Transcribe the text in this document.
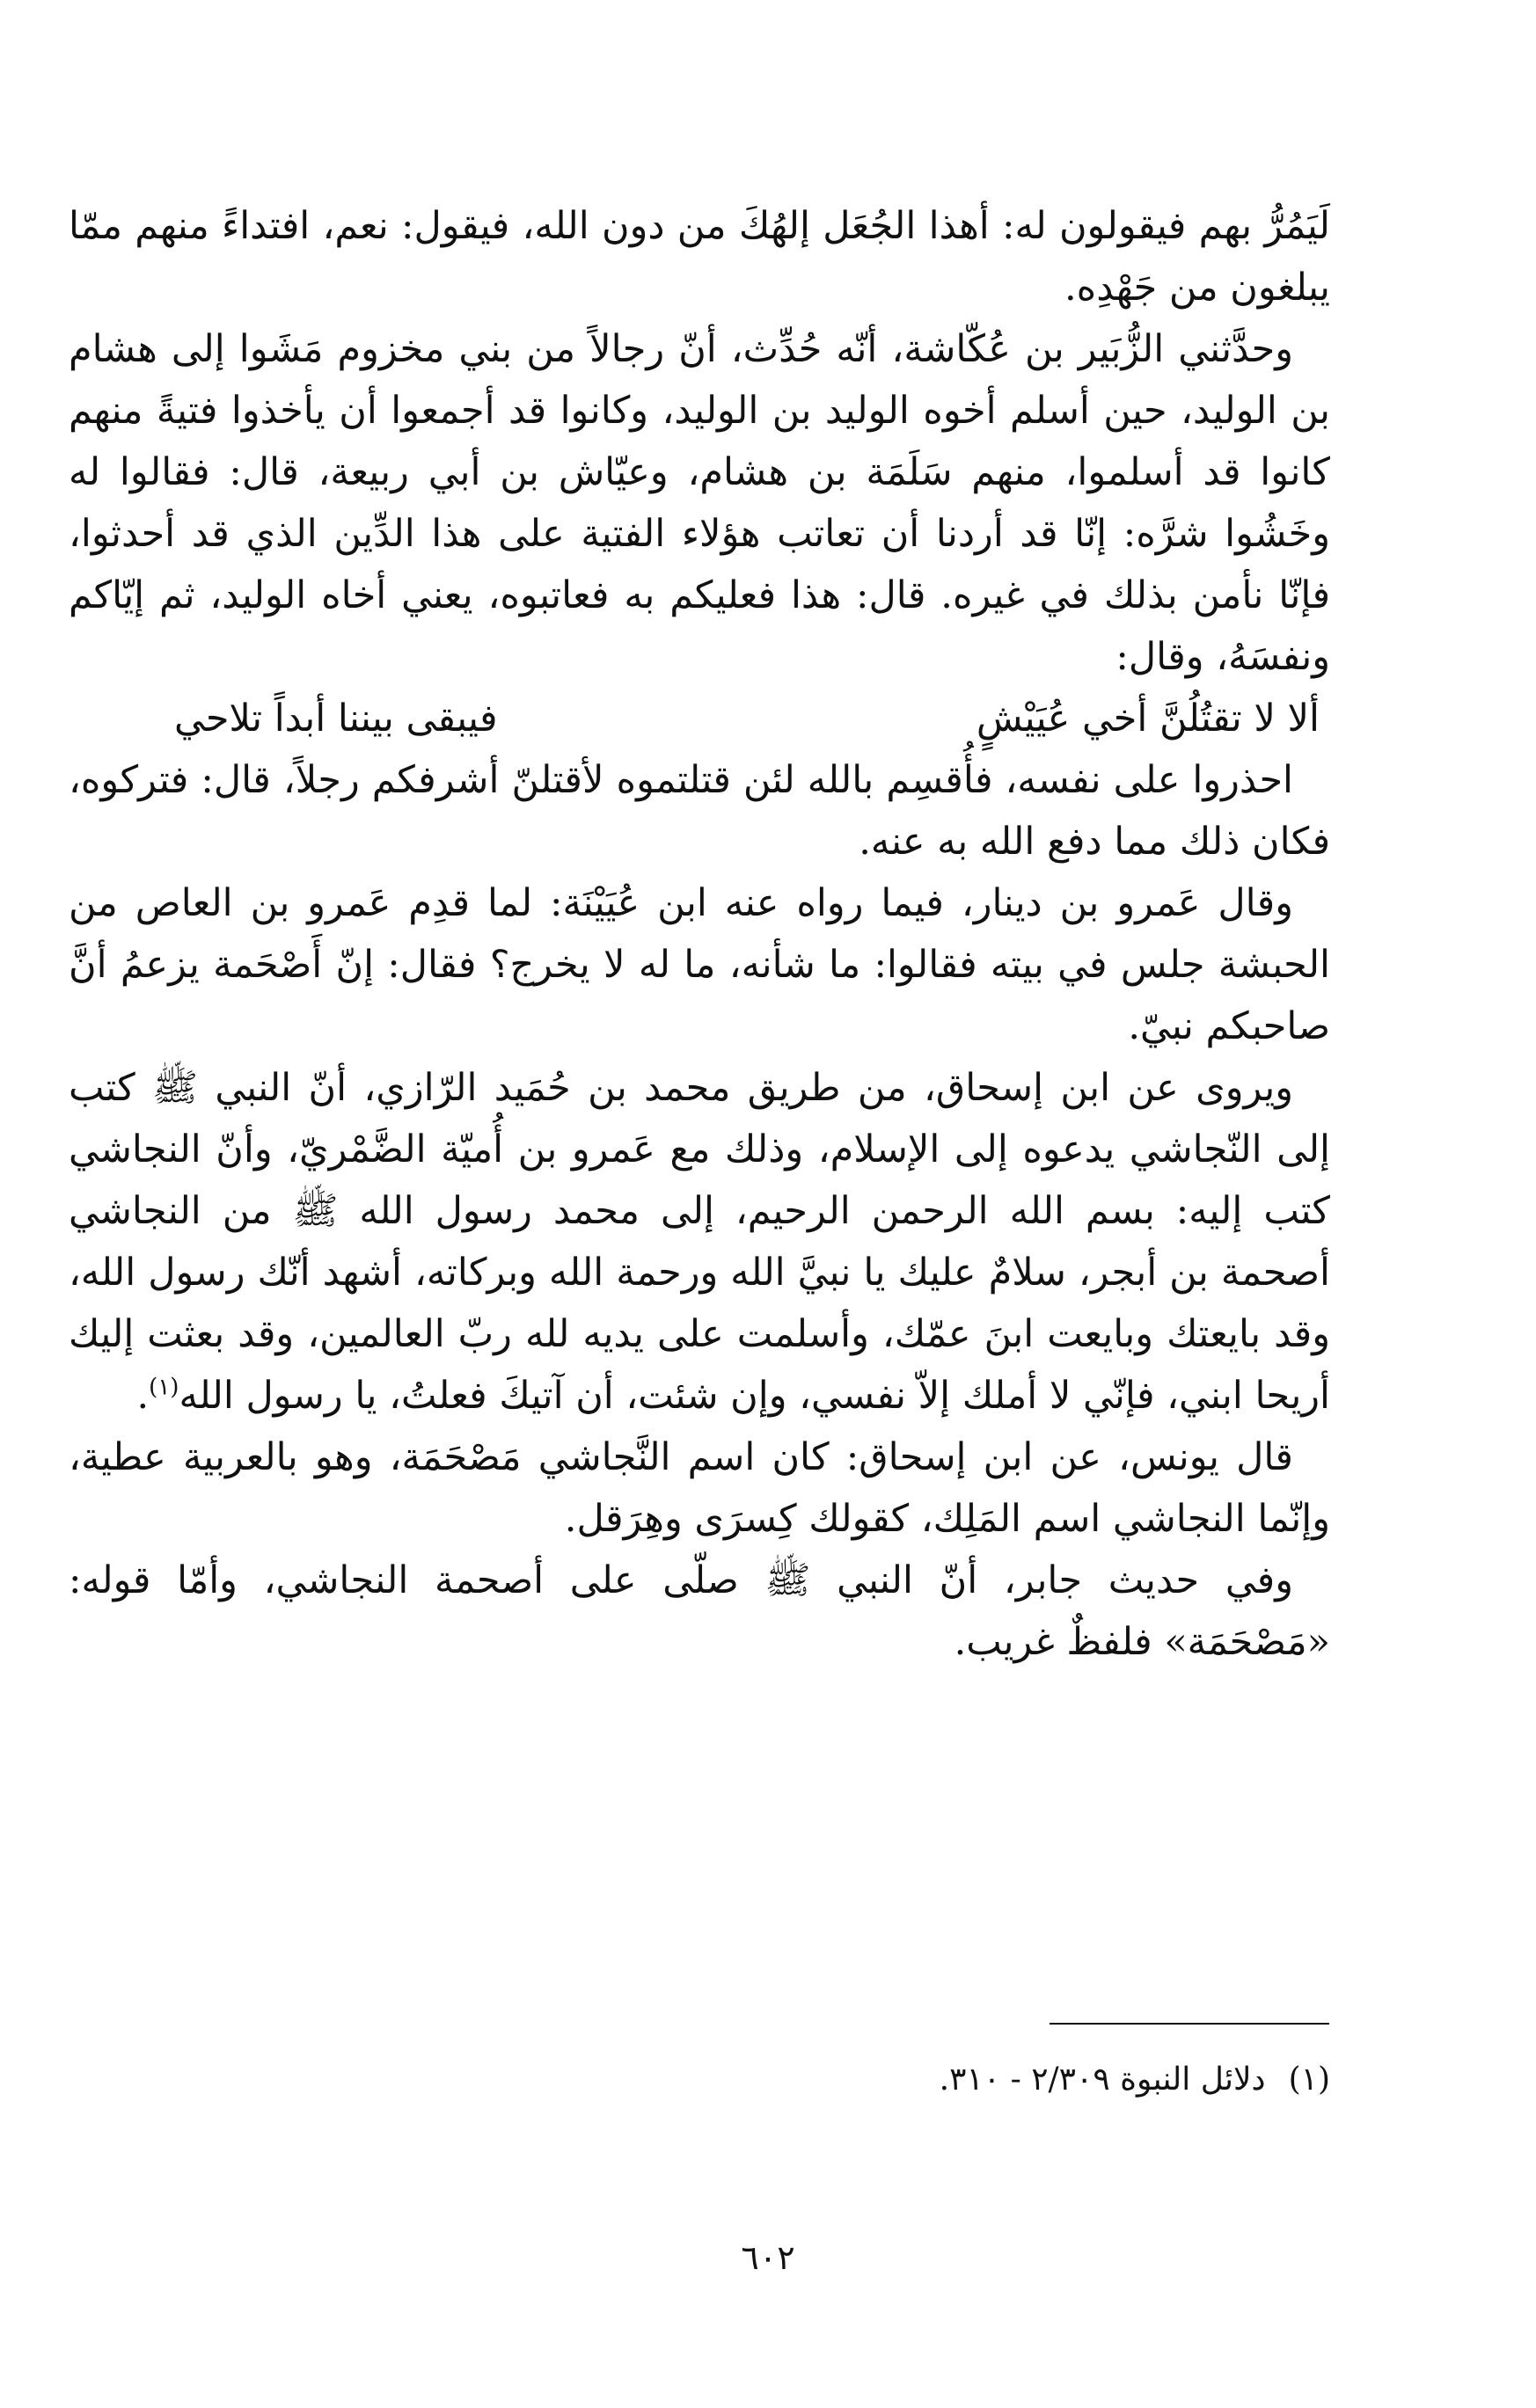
لَيَمُرُّ بهم فيقولون له: أهذا الجُعَل إلهُكَ من دون الله، فيقول: نعم، افتداءً منهم ممّا يبلغون من جَهْدِه.

وحدَّثني الزُّبَير بن عُكّاشة، أنّه حُدِّث، أنّ رجالاً من بني مخزوم مَشَوا إلى هشام بن الوليد، حين أسلم أخوه الوليد بن الوليد، وكانوا قد أجمعوا أن يأخذوا فتيةً منهم كانوا قد أسلموا، منهم سَلَمَة بن هشام، وعيّاش بن أبي ربيعة، قال: فقالوا له وخَشُوا شرَّه: إنّا قد أردنا أن تعاتب هؤلاء الفتية على هذا الدِّين الذي قد أحدثوا، فإنّا نأمن بذلك في غيره. قال: هذا فعليكم به فعاتبوه، يعني أخاه الوليد، ثم إيّاكم ونفسَهُ، وقال:

ألا لا تقتُلُنَّ أخي عُيَيْشٍ
فيبقى بيننا أبداً تلاحي

احذروا على نفسه، فأُقسِم بالله لئن قتلتموه لأقتلنّ أشرفكم رجلاً، قال: فتركوه، فكان ذلك مما دفع الله به عنه.

وقال عَمرو بن دينار، فيما رواه عنه ابن عُيَيْنَة: لما قدِم عَمرو بن العاص من الحبشة جلس في بيته فقالوا: ما شأنه، ما له لا يخرج؟ فقال: إنّ أَصْحَمة يزعمُ أنَّ صاحبكم نبيّ.

ويروى عن ابن إسحاق، من طريق محمد بن حُمَيد الرّازي، أنّ النبي ﷺ كتب إلى النّجاشي يدعوه إلى الإسلام، وذلك مع عَمرو بن أُميّة الضَّمْريّ، وأنّ النجاشي كتب إليه: بسم الله الرحمن الرحيم، إلى محمد رسول الله ﷺ من النجاشي أصحمة بن أبجر، سلامٌ عليك يا نبيَّ الله ورحمة الله وبركاته، أشهد أنّك رسول الله، وقد بايعتك وبايعت ابنَ عمّك، وأسلمت على يديه لله ربّ العالمين، وقد بعثت إليك أريحا ابني، فإنّي لا أملك إلاّ نفسي، وإن شئت، أن آتيكَ فعلتُ، يا رسول الله$^{(١)}$.

قال يونس، عن ابن إسحاق: كان اسم النَّجاشي مَصْحَمَة، وهو بالعربية عطية، وإنّما النجاشي اسم المَلِك، كقولك كِسرَى وهِرَقل.

وفي حديث جابر، أنّ النبي ﷺ صلّى على أصحمة النجاشي، وأمّا قوله: «مَصْحَمَة» فلفظٌ غريب.

(١)دلائل النبوة ٢/٣٠٩ - ٣١٠.
٦٠٢
